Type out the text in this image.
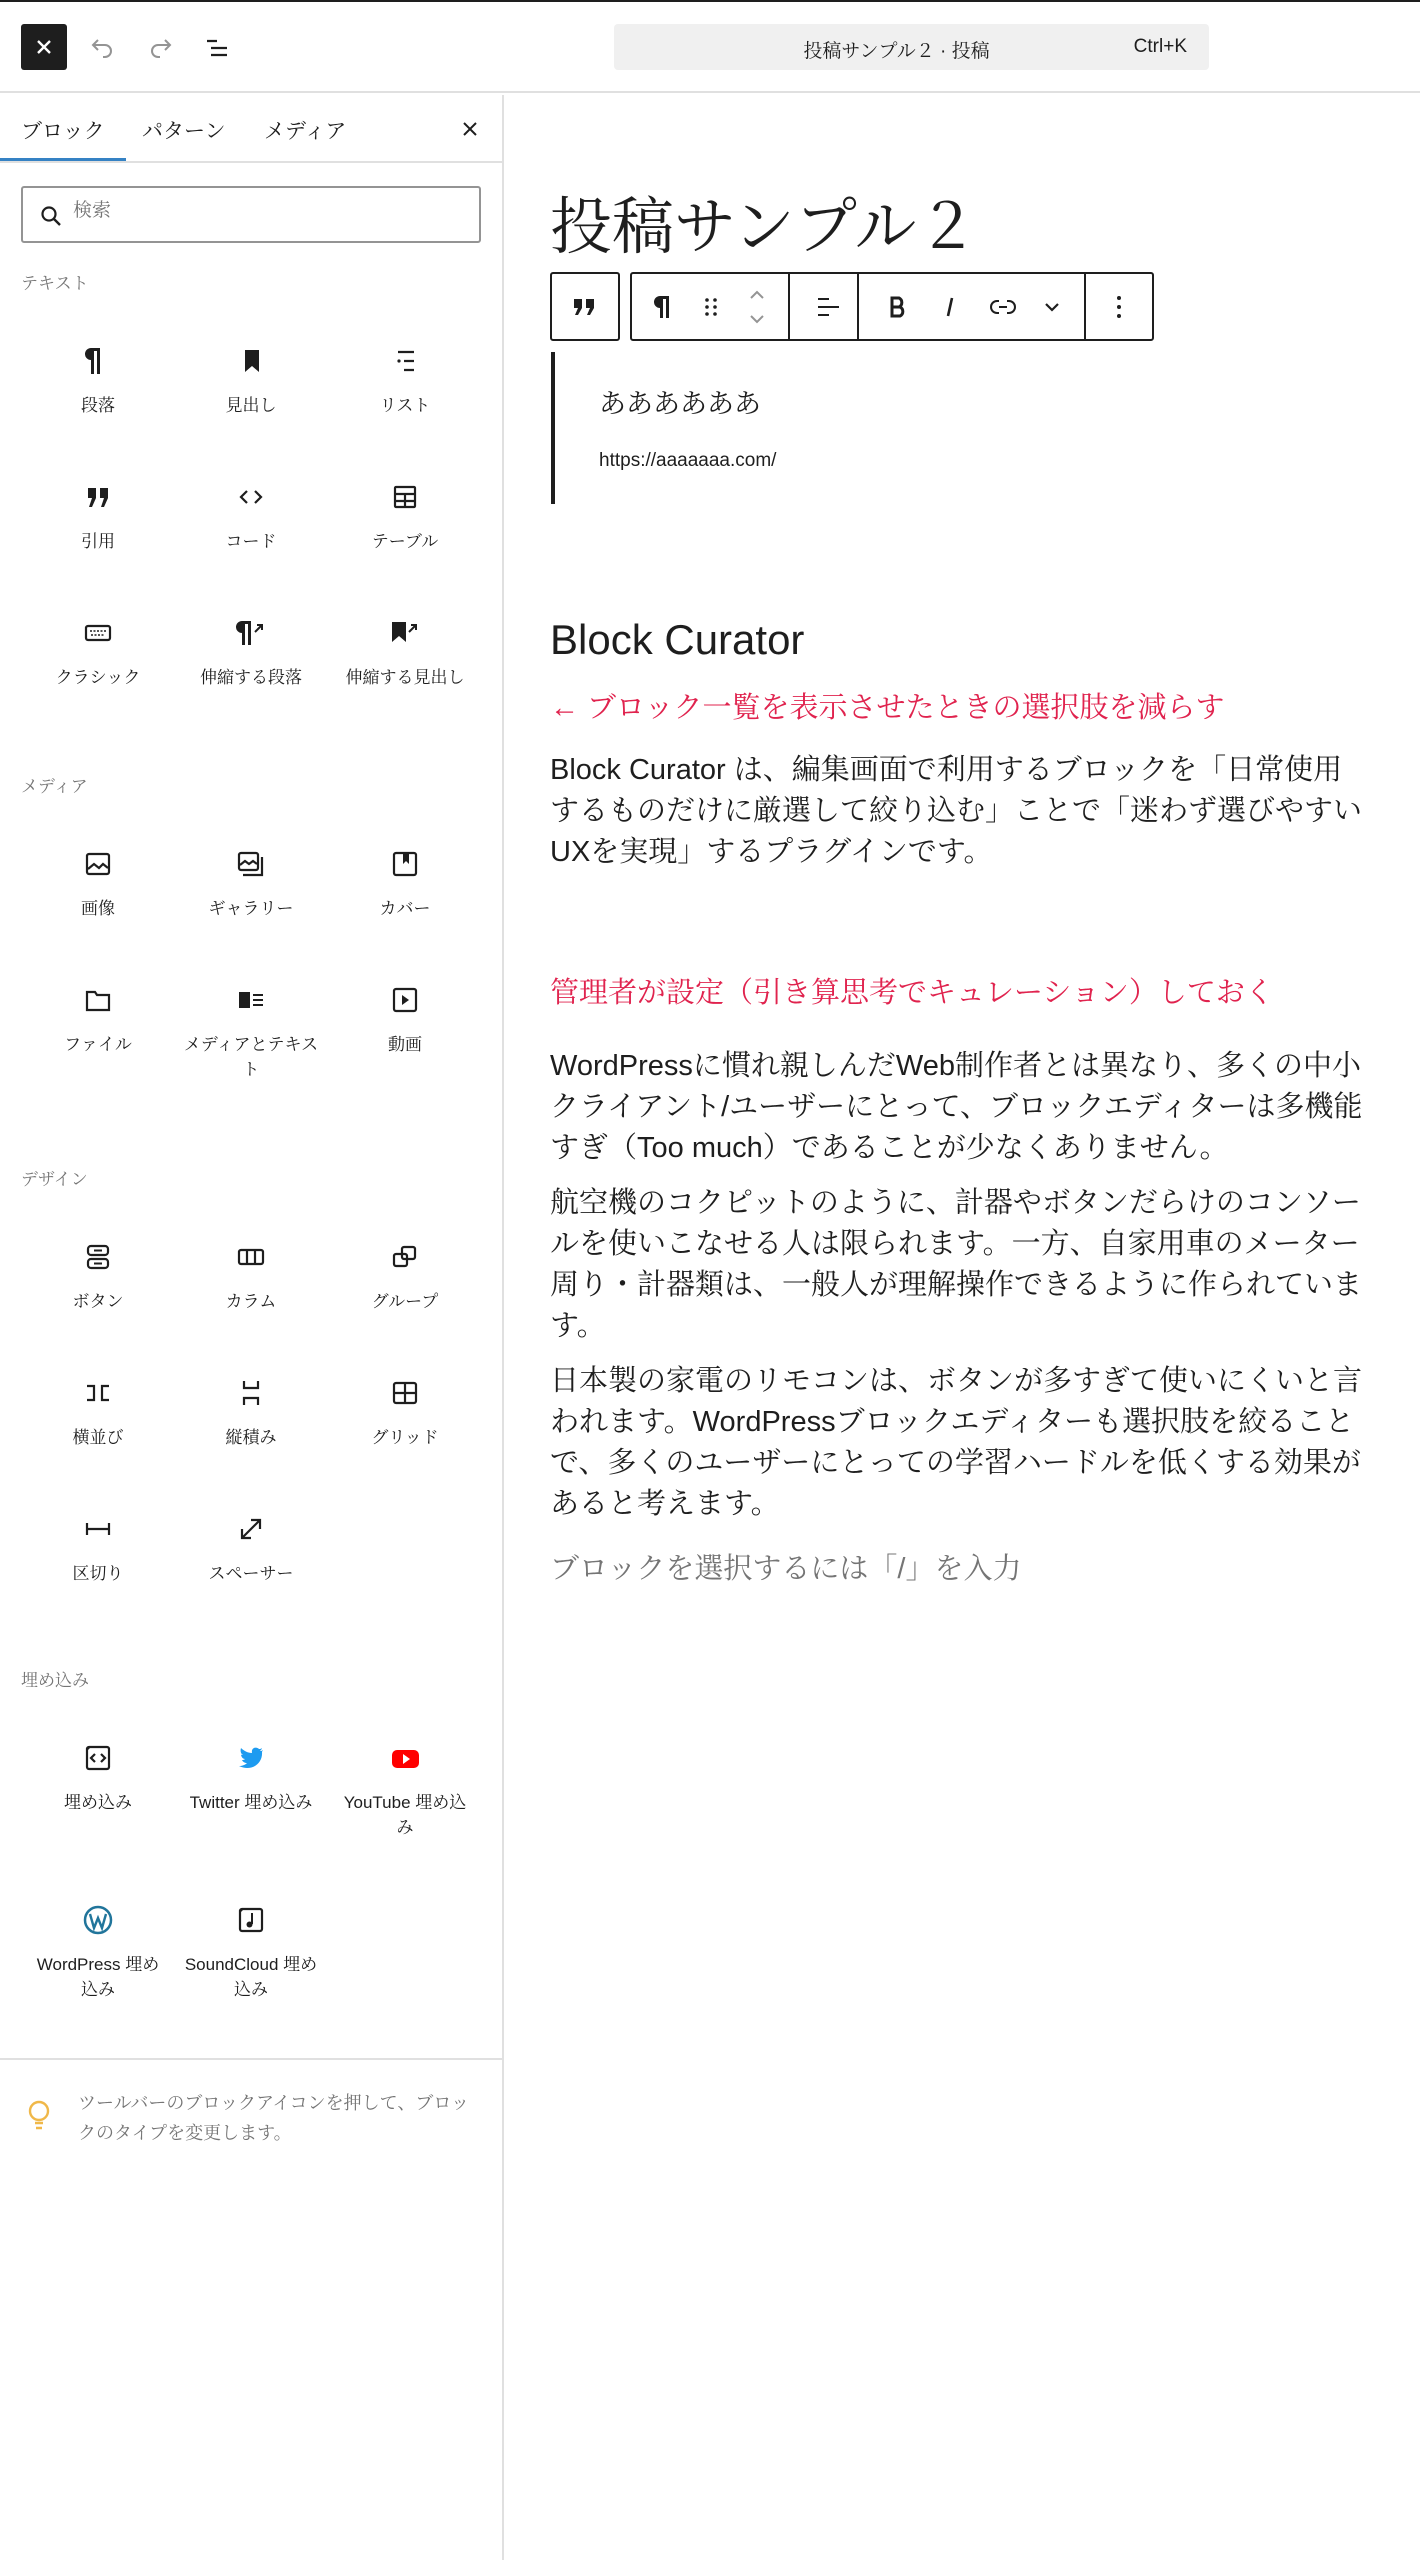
投稿サンプル２ · 投稿	Ctrl+K
ブロック	パターン メディア
検索
テキスト
段落	見出し	リスト
引用	コード	テーブル
クラシック	伸縮する段落	伸縮する見出し
メディア
画像	ギャラリー	カバー
ファイル	メディアとテキスト
動画
デザイン
ボタン	カラム	グループ
横並び	縦積み	グリッド
区切り	スペーサー
埋め込み
埋め込み	Twitter 埋め込み	YouTube 埋め込み
WordPress 埋め込み
SoundCloud 埋め込み
ツールバーのブロックアイコンを押して、ブロックのタイプを変更します。
投稿サンプル２
ああああああ
https://aaaaaaa.com/
Block Curator

← ブロック一覧を表示させたときの選択肢を減らす

Block Curator は、編集画面で利用するブロックを「日常使用するものだけに厳選して絞り込む」ことで「迷わず選びやすいUXを実現」するプラグインです。

管理者が設定（引き算思考でキュレーション）しておく

WordPressに慣れ親しんだWeb制作者とは異なり、多くの中小クライアント/ユーザーにとって、ブロックエディターは多機能すぎ（Too much）であることが少なくありません。

航空機のコクピットのように、計器やボタンだらけのコンソールを使いこなせる人は限られます。一方、自家用車のメーター周り・計器類は、一般人が理解操作できるように作られています。

日本製の家電のリモコンは、ボタンが多すぎて使いにくいと言われます。WordPressブロックエディターも選択肢を絞ることで、多くのユーザーにとっての学習ハードルを低くする効果があると考えます。

ブロックを選択するには「/」を入力
